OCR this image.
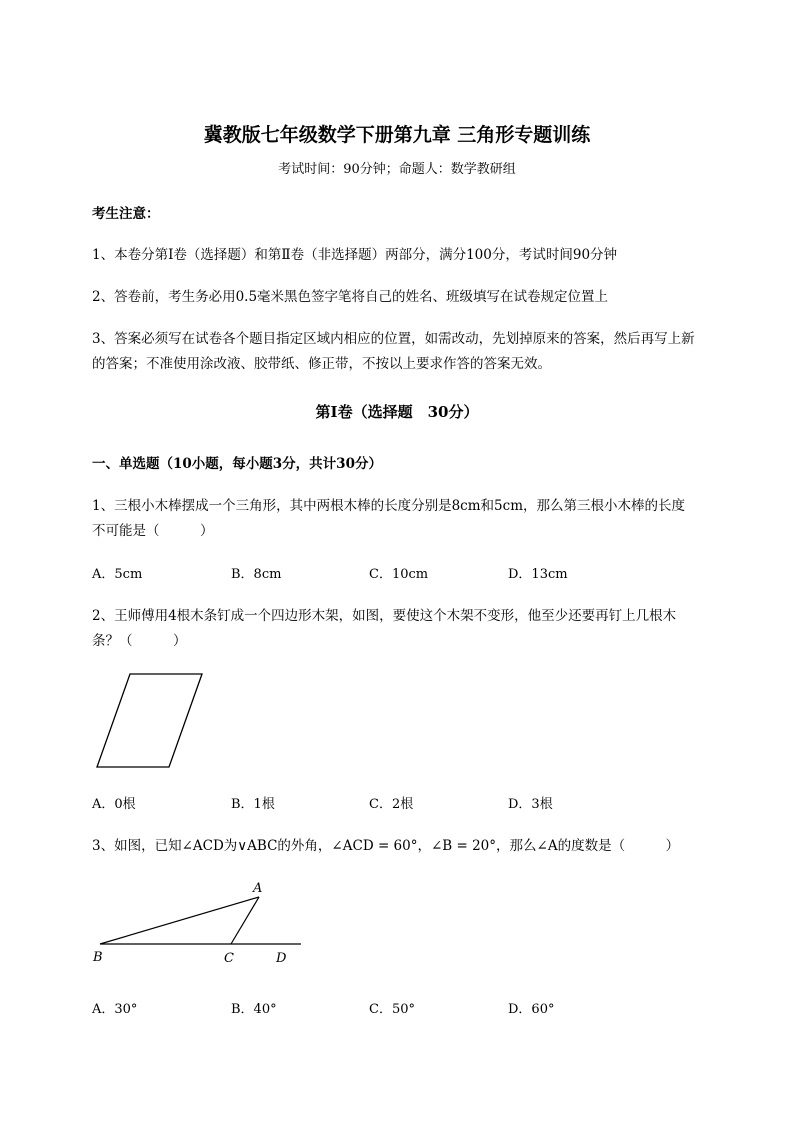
冀教版七年级数学下册第九章 三角形专题训练
考试时间：90分钟；命题人：数学教研组
考生注意：
1、本卷分第Ⅰ卷（选择题）和第Ⅱ卷（非选择题）两部分，满分100分，考试时间90分钟
2、答卷前，考生务必用0.5毫米黑色签字笔将自己的姓名、班级填写在试卷规定位置上
3、答案必须写在试卷各个题目指定区域内相应的位置，如需改动，先划掉原来的答案，然后再写上新
的答案；不准使用涂改液、胶带纸、修正带，不按以上要求作答的答案无效。
第Ⅰ卷（选择题　30分）
一、单选题（10小题，每小题3分，共计30分）
1、三根小木棒摆成一个三角形，其中两根木棒的长度分别是8cm和5cm，那么第三根小木棒的长度
不可能是（　　　）
A．5cm	B．8cm	C．10cm	D．13cm
2、王师傅用4根木条钉成一个四边形木架，如图，要使这个木架不变形，他至少还要再钉上几根木
条？（　　　）
A．0根	B．1根	C．2根	D．3根
3、如图，已知∠ACD为∨ABC的外角，∠ACD = 60°，∠B = 20°，那么∠A的度数是（　　　）
A
B	C	D
A．30°	B．40°	C．50°	D．60°
